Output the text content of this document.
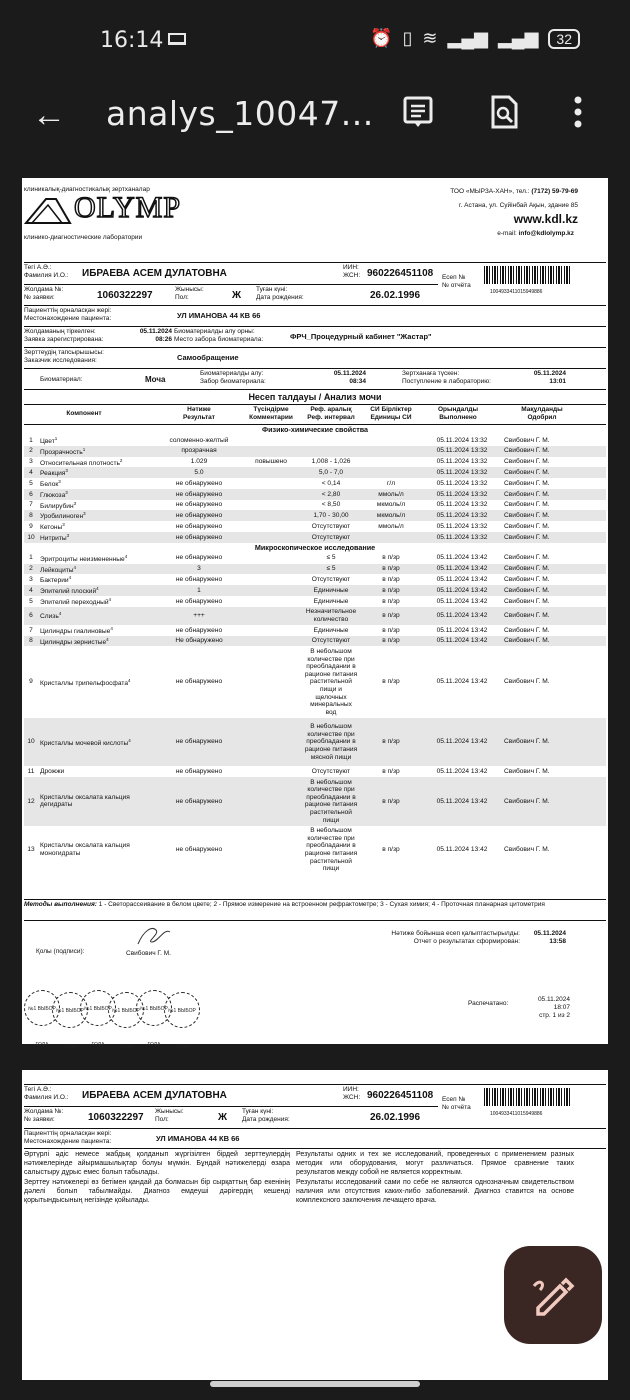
16:14	⏰ ▯ ≋ ▂▄▆ ▂▄▆	32
← analys_10047...
клиникалық-диагностикалық зертханалар
OLYMP
клинико-диагностические лаборатории
ТОО «МЫРЗА-ХАН», тел.: (7172) 59-79-69
г. Астана, ул. Суйінбай Ақын, здание 85
www.kdl.kz
e-mail: info@kdlolymp.kz
Тегі А.Ә.:
Фамилия И.О.: ИБРАЕВА АСЕМ ДУЛАТОВНА
ИИН:
ЖСН: 960226451108 Есеп №
№ отчёта
1004933411015949886
Жолдама №:
№ заявки:	1060322297
Жынысы:
Пол:	Ж
Туған күні:
Дата рождения:	26.02.1996
Пациенттің орналасқан жері:
Местонахождение пациента:	УЛ ИМАНОВА 44 КВ 66
Жолдаманың тіркелген:
Заявка зарегистрирована:
05.11.2024
08:26
Биоматериалды алу орны:
Место забора биоматериала:	ФРЧ_Процедурный кабинет "Жастар"
Зерттеудің тапсырышысы:
Заказчик исследования:	Самообращение
Биоматериал:	Моча
Биоматериалды алу:
Забор биоматериала:
05.11.2024
08:34
Зертханаға түскен:
Поступление в лабораторию:
05.11.2024
13:01
Несеп талдауы / Анализ мочи
Компонент
Нәтиже
Результат
Түсіндірме
Комментарии
Реф. аралық
Реф. интервал
СИ Бірліктер
Единицы СИ
Орындалды
Выполнено
Мақұлданды
Одобрил
Физико-химические свойства							
1	Цвет$^1$	соломенно-желтый				05.11.2024 13:32	Свибович Г. М.
2	Прозрачность$^1$	прозрачная				05.11.2024 13:32	Свибович Г. М.
3	Относительная плотность$^2$	1.029	повышено	1,008 - 1,026		05.11.2024 13:32	Свибович Г. М.
4	Реакция$^3$	5.0		5,0 - 7,0		05.11.2024 13:32	Свибович Г. М.
5	Белок$^3$	не обнаружено		< 0,14	г/л	05.11.2024 13:32	Свибович Г. М.
6	Глюкоза$^3$	не обнаружено		< 2,80	ммоль/л	05.11.2024 13:32	Свибович Г. М.
7	Билирубин$^3$	не обнаружено		< 8,50	мкмоль/л	05.11.2024 13:32	Свибович Г. М.
8	Уробилиноген$^3$	не обнаружено		1,70 - 30,00	мкмоль/л	05.11.2024 13:32	Свибович Г. М.
9	Кетоны$^3$	не обнаружено		Отсутствуют	ммоль/л	05.11.2024 13:32	Свибович Г. М.
10	Нитриты$^3$	не обнаружено		Отсутствуют		05.11.2024 13:32	Свибович Г. М.
Микроскопическое исследование							
1	Эритроциты неизмененные$^4$	не обнаружено		≤ 5	в п/зр	05.11.2024 13:42	Свибович Г. М.
2	Лейкоциты$^4$	3		≤ 5	в п/зр	05.11.2024 13:42	Свибович Г. М.
3	Бактерии$^4$	не обнаружено		Отсутствуют	в п/зр	05.11.2024 13:42	Свибович Г. М.
4	Эпителий плоский$^4$	1		Единичные	в п/зр	05.11.2024 13:42	Свибович Г. М.
5	Эпителий переходный$^4$	не обнаружено		Единичные	в п/зр	05.11.2024 13:42	Свибович Г. М.
6	Слизь$^4$	+++		Незначительное количество	в п/зр	05.11.2024 13:42	Свибович Г. М.
7	Цилиндры гиалиновые$^4$	не обнаружено		Единичные	в п/зр	05.11.2024 13:42	Свибович Г. М.
8	Цилиндры зернистые$^4$	Не обнаружено		Отсутствуют	в п/зр	05.11.2024 13:42	Свибович Г. М.
9	Кристаллы трипельфосфата$^4$	не обнаружено		В небольшом количестве при преобладании в рационе питания растительной пищи и щелочных минеральных вод	в п/зр	05.11.2024 13:42	Свибович Г. М.
10	Кристаллы мочевой кислоты$^4$	не обнаружено		В небольшом количестве при преобладании в рационе питания мясной пищи	в п/зр	05.11.2024 13:42	Свибович Г. М.
11	Дрожжи	не обнаружено		Отсутствуют	в п/зр	05.11.2024 13:42	Свибович Г. М.
12	Кристаллы оксалата кальция дегидраты	не обнаружено		В небольшом количестве при преобладании в рационе питания растительной пищи	в п/зр	05.11.2024 13:42	Свибович Г. М.
13	Кристаллы оксалата кальция моногидраты	не обнаружено		В небольшом количестве при преобладании в рационе питания растительной пищи	в п/зр	05.11.2024 13:42	Свибович Г. М.
Методы выполнения: 1 - Светорассеивание в белом цвете; 2 - Прямое измерение на встроенном рефрактометре; 3 - Сухая химия; 4 - Проточная планарная цитометрия
Нәтиже бойынша есеп қалыптастырылды:
Отчет о результатах сформирован:
05.11.2024
13:58
Қолы (подписи):	Свибович Г. М.
№1 ВЫБОР ГОДА
№1 ВЫБОР ГОДА
№1 ВЫБОР ГОДА
№1 ВЫБОР ГОДА
№1 ВЫБОР ГОДА
№1 ВЫБОР ГОДА
Распечатано:
05.11.2024
18:07
стр. 1 из 2
Тегі А.Ә.:
Фамилия И.О.: ИБРАЕВА АСЕМ ДУЛАТОВНА
ИИН:
ЖСН: 960226451108 Есеп №
№ отчёта
1004933411015949886
Жолдама №:
№ заявки:	1060322297
Жынысы:
Пол:	Ж
Туған күні:
Дата рождения:	26.02.1996
Пациенттің орналасқан жері:
Местонахождение пациента:	УЛ ИМАНОВА 44 КВ 66
Әртүрлі әдіс немесе жабдық қолданып жүргізілген бірдей зерттеулердің нәтижелерінде айырмашылықтар болуы мүмкін. Бұндай нәтижелерді өзара салыстыру дұрыс емес болып табылады.
Зерттеу нәтижелері өз бетімен қандай да болмасын бір сырқаттың бар екенінің дәлелі болып табылмайды. Диагноз емдеуші дәрігердің кешенді қорытындысының негізінде қойылады.
Результаты одних и тех же исследований, проведенных с применением разных методик или оборудования, могут различаться. Прямое сравнение таких результатов между собой не является корректным.
Результаты исследований сами по себе не являются однозначным свидетельством наличия или отсутствия каких-либо заболеваний. Диагноз ставится на основе комплексного заключения лечащего врача.
